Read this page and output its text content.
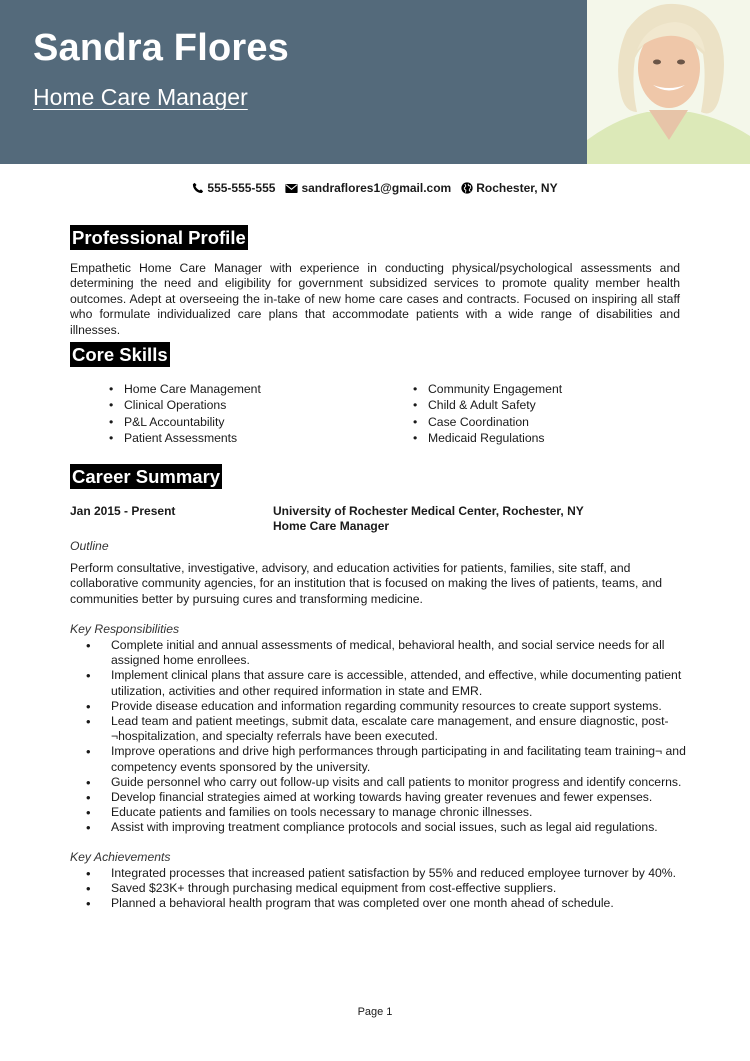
Sandra Flores
Home Care Manager
555-555-555 sandraflores1@gmail.com Rochester, NY
Professional Profile

Empathetic Home Care Manager with experience in conducting physical/psychological assessments and determining the need and eligibility for government subsidized services to promote quality member health outcomes. Adept at overseeing the in-take of new home care cases and contracts. Focused on inspiring all staff who formulate individualized care plans that accommodate patients with a wide range of disabilities and illnesses.

Core Skills
• Home Care Management
• Clinical Operations
• P&L Accountability
• Patient Assessments
• Community Engagement
• Child & Adult Safety
• Case Coordination
• Medicaid Regulations
Career Summary
Jan 2015 - Present	University of Rochester Medical Center, Rochester, NY
Home Care Manager
Outline

Perform consultative, investigative, advisory, and education activities for patients, families, site staff, and collaborative community agencies, for an institution that is focused on making the lives of patients, teams, and communities better by pursuing cures and transforming medicine.

Key Responsibilities
• Complete initial and annual assessments of medical, behavioral health, and social service needs for all assigned home enrollees.
• Implement clinical plans that assure care is accessible, attended, and effective, while documenting patient utilization, activities and other required information in state and EMR.
• Provide disease education and information regarding community resources to create support systems.
• Lead team and patient meetings, submit data, escalate care management, and ensure diagnostic, post-¬hospitalization, and specialty referrals have been executed.
• Improve operations and drive high performances through participating in and facilitating team training¬ and competency events sponsored by the university.
• Guide personnel who carry out follow-up visits and call patients to monitor progress and identify concerns.
• Develop financial strategies aimed at working towards having greater revenues and fewer expenses.
• Educate patients and families on tools necessary to manage chronic illnesses.
• Assist with improving treatment compliance protocols and social issues, such as legal aid regulations.
Key Achievements
• Integrated processes that increased patient satisfaction by 55% and reduced employee turnover by 40%.
• Saved $23K+ through purchasing medical equipment from cost-effective suppliers.
• Planned a behavioral health program that was completed over one month ahead of schedule.
Page 1
